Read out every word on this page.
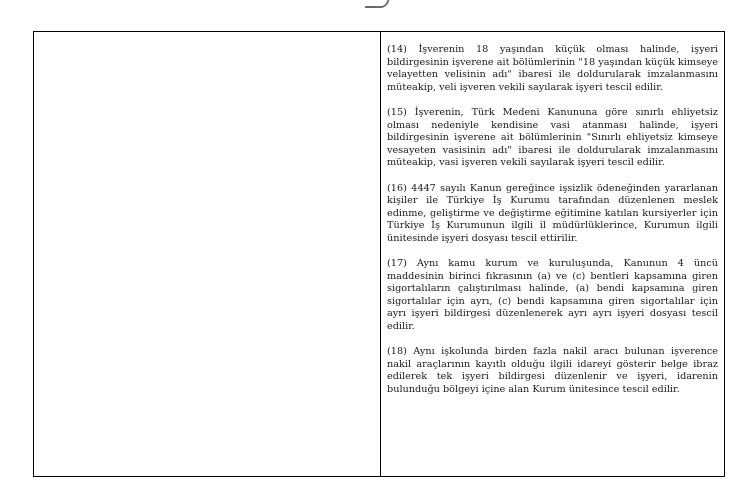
(14) İşverenin 18 yaşından küçük olması halinde, işyeri bildirgesinin işverene ait bölümlerinin "18 yaşından küçük kimseye velayetten velisinin adı" ibaresi ile doldurularak imzalanmasını müteakip, veli işveren vekili sayılarak işyeri tescil edilir.

(15) İşverenin, Türk Medeni Kanununa göre sınırlı ehliyetsiz olması nedeniyle kendisine vasi atanması halinde, işyeri bildirgesinin işverene ait bölümlerinin "Sınırlı ehliyetsiz kimseye vesayeten vasisinin adı" ibaresi ile doldurularak imzalanmasını müteakip, vasi işveren vekili sayılarak işyeri tescil edilir.

(16) 4447 sayılı Kanun gereğince işsizlik ödeneğinden yararlanan kişiler ile Türkiye İş Kurumu tarafından düzenlenen meslek edinme, geliştirme ve değiştirme eğitimine katılan kursiyerler için Türkiye İş Kurumunun ilgili il müdürlüklerince, Kurumun ilgili ünitesinde işyeri dosyası tescil ettirilir.

(17) Aynı kamu kurum ve kuruluşunda, Kanunun 4 üncü maddesinin birinci fıkrasının (a) ve (c) bentleri kapsamına giren sigortalıların çalıştırılması halinde, (a) bendi kapsamına giren sigortalılar için ayrı, (c) bendi kapsamına giren sigortalılar için ayrı işyeri bildirgesi düzenlenerek ayrı ayrı işyeri dosyası tescil edilir.

(18) Aynı işkolunda birden fazla nakil aracı bulunan işverence nakil araçlarının kayıtlı olduğu ilgili idareyi gösterir belge ibraz edilerek tek işyeri bildirgesi düzenlenir ve işyeri, idarenin bulunduğu bölgeyi içine alan Kurum ünitesince tescil edilir.
